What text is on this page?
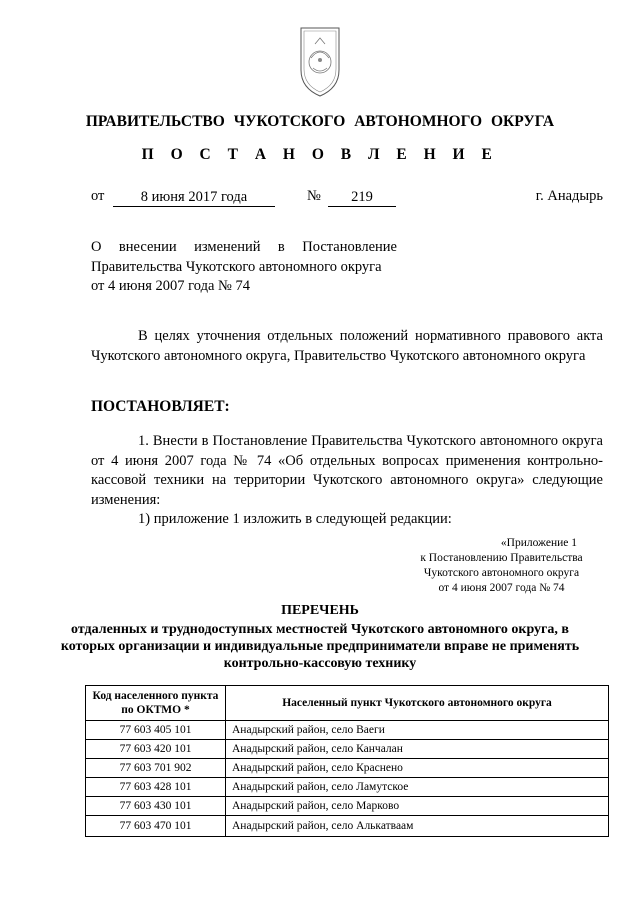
ПРАВИТЕЛЬСТВО ЧУКОТСКОГО АВТОНОМНОГО ОКРУГА
П О С Т А Н О В Л Е Н И Е
от	8 июня 2017 года	№	219	г. Анадырь
О внесении изменений в Постановление
Правительства Чукотского автономного округа
от 4 июня 2007 года № 74
В целях уточнения отдельных положений нормативного правового акта Чукотского автономного округа, Правительство Чукотского автономного округа
ПОСТАНОВЛЯЕТ:
1. Внести в Постановление Правительства Чукотского автономного округа от 4 июня 2007 года № 74 «Об отдельных вопросах применения контрольно-кассовой техники на территории Чукотского автономного округа» следующие изменения:
1) приложение 1 изложить в следующей редакции:
«Приложение 1
к Постановлению Правительства
Чукотского автономного округа
от 4 июня 2007 года № 74
ПЕРЕЧЕНЬ
отдаленных и труднодоступных местностей Чукотского автономного округа, в которых организации и индивидуальные предприниматели вправе не применять контрольно-кассовую технику
Код населенного пункта по ОКТМО *	Населенный пункт Чукотского автономного округа
77 603 405 101	Анадырский район, село Ваеги
77 603 420 101	Анадырский район, село Канчалан
77 603 701 902	Анадырский район, село Краснено
77 603 428 101	Анадырский район, село Ламутское
77 603 430 101	Анадырский район, село Марково
77 603 470 101	Анадырский район, село Алькатваам
